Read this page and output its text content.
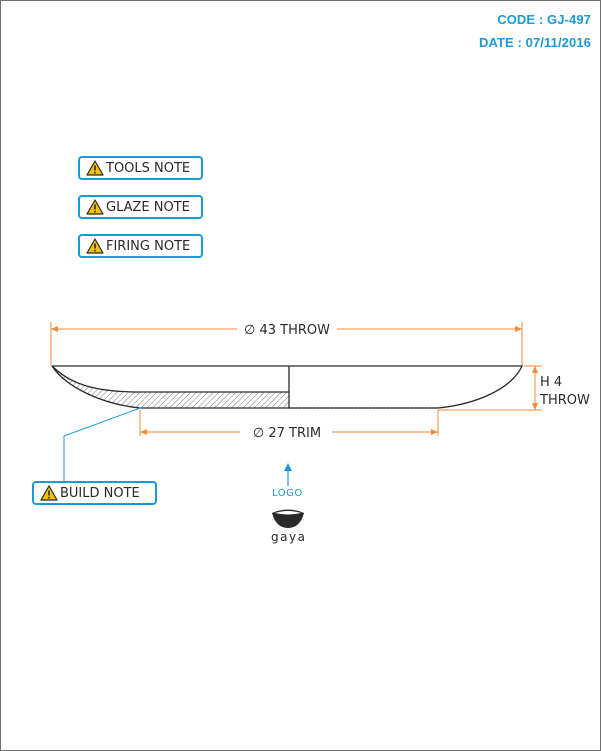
CODE : GJ-497
DATE : 07/11/2016
TOOLS NOTE
GLAZE NOTE
FIRING NOTE
BUILD NOTE
∅ 43 THROW
H 4
THROW
∅ 27 TRIM
LOGO
gaya
